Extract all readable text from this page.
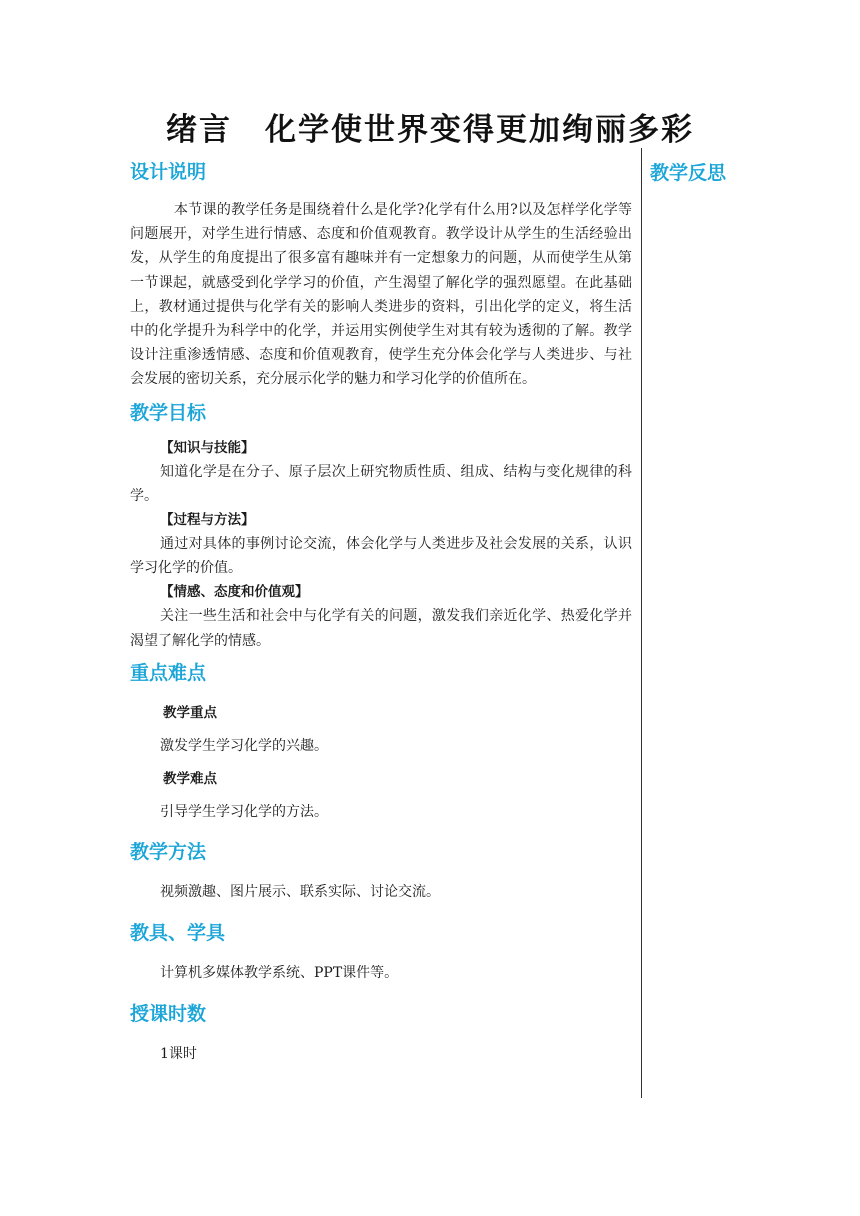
绪言　化学使世界变得更加绚丽多彩
教学反思

设计说明

本节课的教学任务是围绕着什么是化学?化学有什么用?以及怎样学化学等问题展开，对学生进行情感、态度和价值观教育。教学设计从学生的生活经验出发，从学生的角度提出了很多富有趣味并有一定想象力的问题，从而使学生从第一节课起，就感受到化学学习的价值，产生渴望了解化学的强烈愿望。在此基础上，教材通过提供与化学有关的影响人类进步的资料，引出化学的定义，将生活中的化学提升为科学中的化学，并运用实例使学生对其有较为透彻的了解。教学设计注重渗透情感、态度和价值观教育，使学生充分体会化学与人类进步、与社会发展的密切关系，充分展示化学的魅力和学习化学的价值所在。

教学目标

【知识与技能】

知道化学是在分子、原子层次上研究物质性质、组成、结构与变化规律的科学。

【过程与方法】

通过对具体的事例讨论交流，体会化学与人类进步及社会发展的关系，认识学习化学的价值。

【情感、态度和价值观】

关注一些生活和社会中与化学有关的问题，激发我们亲近化学、热爱化学并渴望了解化学的情感。

重点难点

教学重点

激发学生学习化学的兴趣。

教学难点

引导学生学习化学的方法。

教学方法

视频激趣、图片展示、联系实际、讨论交流。

教具、学具

计算机多媒体教学系统、PPT课件等。

授课时数

1课时
